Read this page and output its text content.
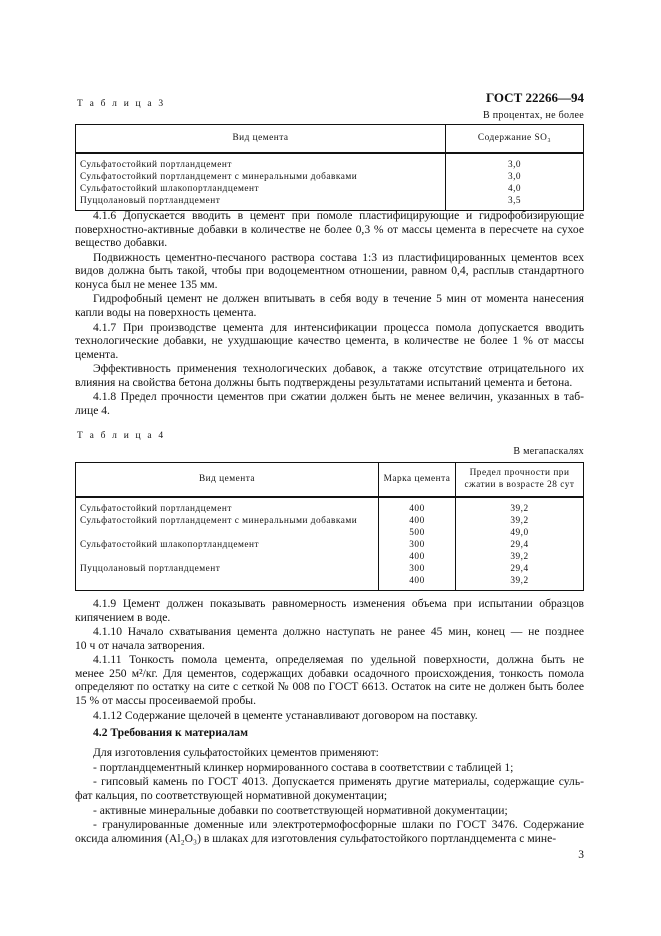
ГОСТ 22266—94
Т а б л и ц а 3
В процентах, не более
Вид цемента	Содержание SO₃
Сульфатостойкий портландцемент	3,0
Сульфатостойкий портландцемент с минеральными добавками	3,0
Сульфатостойкий шлакопортландцемент	4,0
Пуццолановый портландцемент	3,5
4.1.6 Допускается вводить в цемент при помоле пластифицирующие и гидрофобизирующие
поверхностно-активные добавки в количестве не более 0,3 % от массы цемента в пересчете на сухое
вещество добавки.
Подвижность цементно-песчаного раствора состава 1:3 из пластифицированных цементов всех
видов должна быть такой, чтобы при водоцементном отношении, равном 0,4, расплыв стандартного
конуса был не менее 135 мм.
Гидрофобный цемент не должен впитывать в себя воду в течение 5 мин от момента нанесения
капли воды на поверхность цемента.
4.1.7 При производстве цемента для интенсификации процесса помола допускается вводить
технологические добавки, не ухудшающие качество цемента, в количестве не более 1 % от массы
цемента.
Эффективность применения технологических добавок, а также отсутствие отрицательного их
влияния на свойства бетона должны быть подтверждены результатами испытаний цемента и бетона.
4.1.8 Предел прочности цементов при сжатии должен быть не менее величин, указанных в таб-
лице 4.
Т а б л и ц а 4
В мегапаскалях
Вид цемента	Марка цемента	Предел прочности при сжатии в возрасте 28 сут
Сульфатостойкий портландцемент	400	39,2
Сульфатостойкий портландцемент с минеральными добавками	400	39,2
	500	49,0
Сульфатостойкий шлакопортландцемент	300	29,4
	400	39,2
Пуццолановый портландцемент	300	29,4
	400	39,2
4.1.9 Цемент должен показывать равномерность изменения объема при испытании образцов
кипячением в воде.
4.1.10 Начало схватывания цемента должно наступать не ранее 45 мин, конец — не позднее
10 ч от начала затворения.
4.1.11 Тонкость помола цемента, определяемая по удельной поверхности, должна быть не
менее 250 м²/кг. Для цементов, содержащих добавки осадочного происхождения, тонкость помола
определяют по остатку на сите с сеткой № 008 по ГОСТ 6613. Остаток на сите не должен быть более
15 % от массы просеиваемой пробы.
4.1.12 Содержание щелочей в цементе устанавливают договором на поставку.
4.2 Требования к материалам
Для изготовления сульфатостойких цементов применяют:
- портландцементный клинкер нормированного состава в соответствии с таблицей 1;
- гипсовый камень по ГОСТ 4013. Допускается применять другие материалы, содержащие суль-
фат кальция, по соответствующей нормативной документации;
- активные минеральные добавки по соответствующей нормативной документации;
- гранулированные доменные или электротермофосфорные шлаки по ГОСТ 3476. Содержание
оксида алюминия (Al₂O₃) в шлаках для изготовления сульфатостойкого портландцемента с мине-
3
